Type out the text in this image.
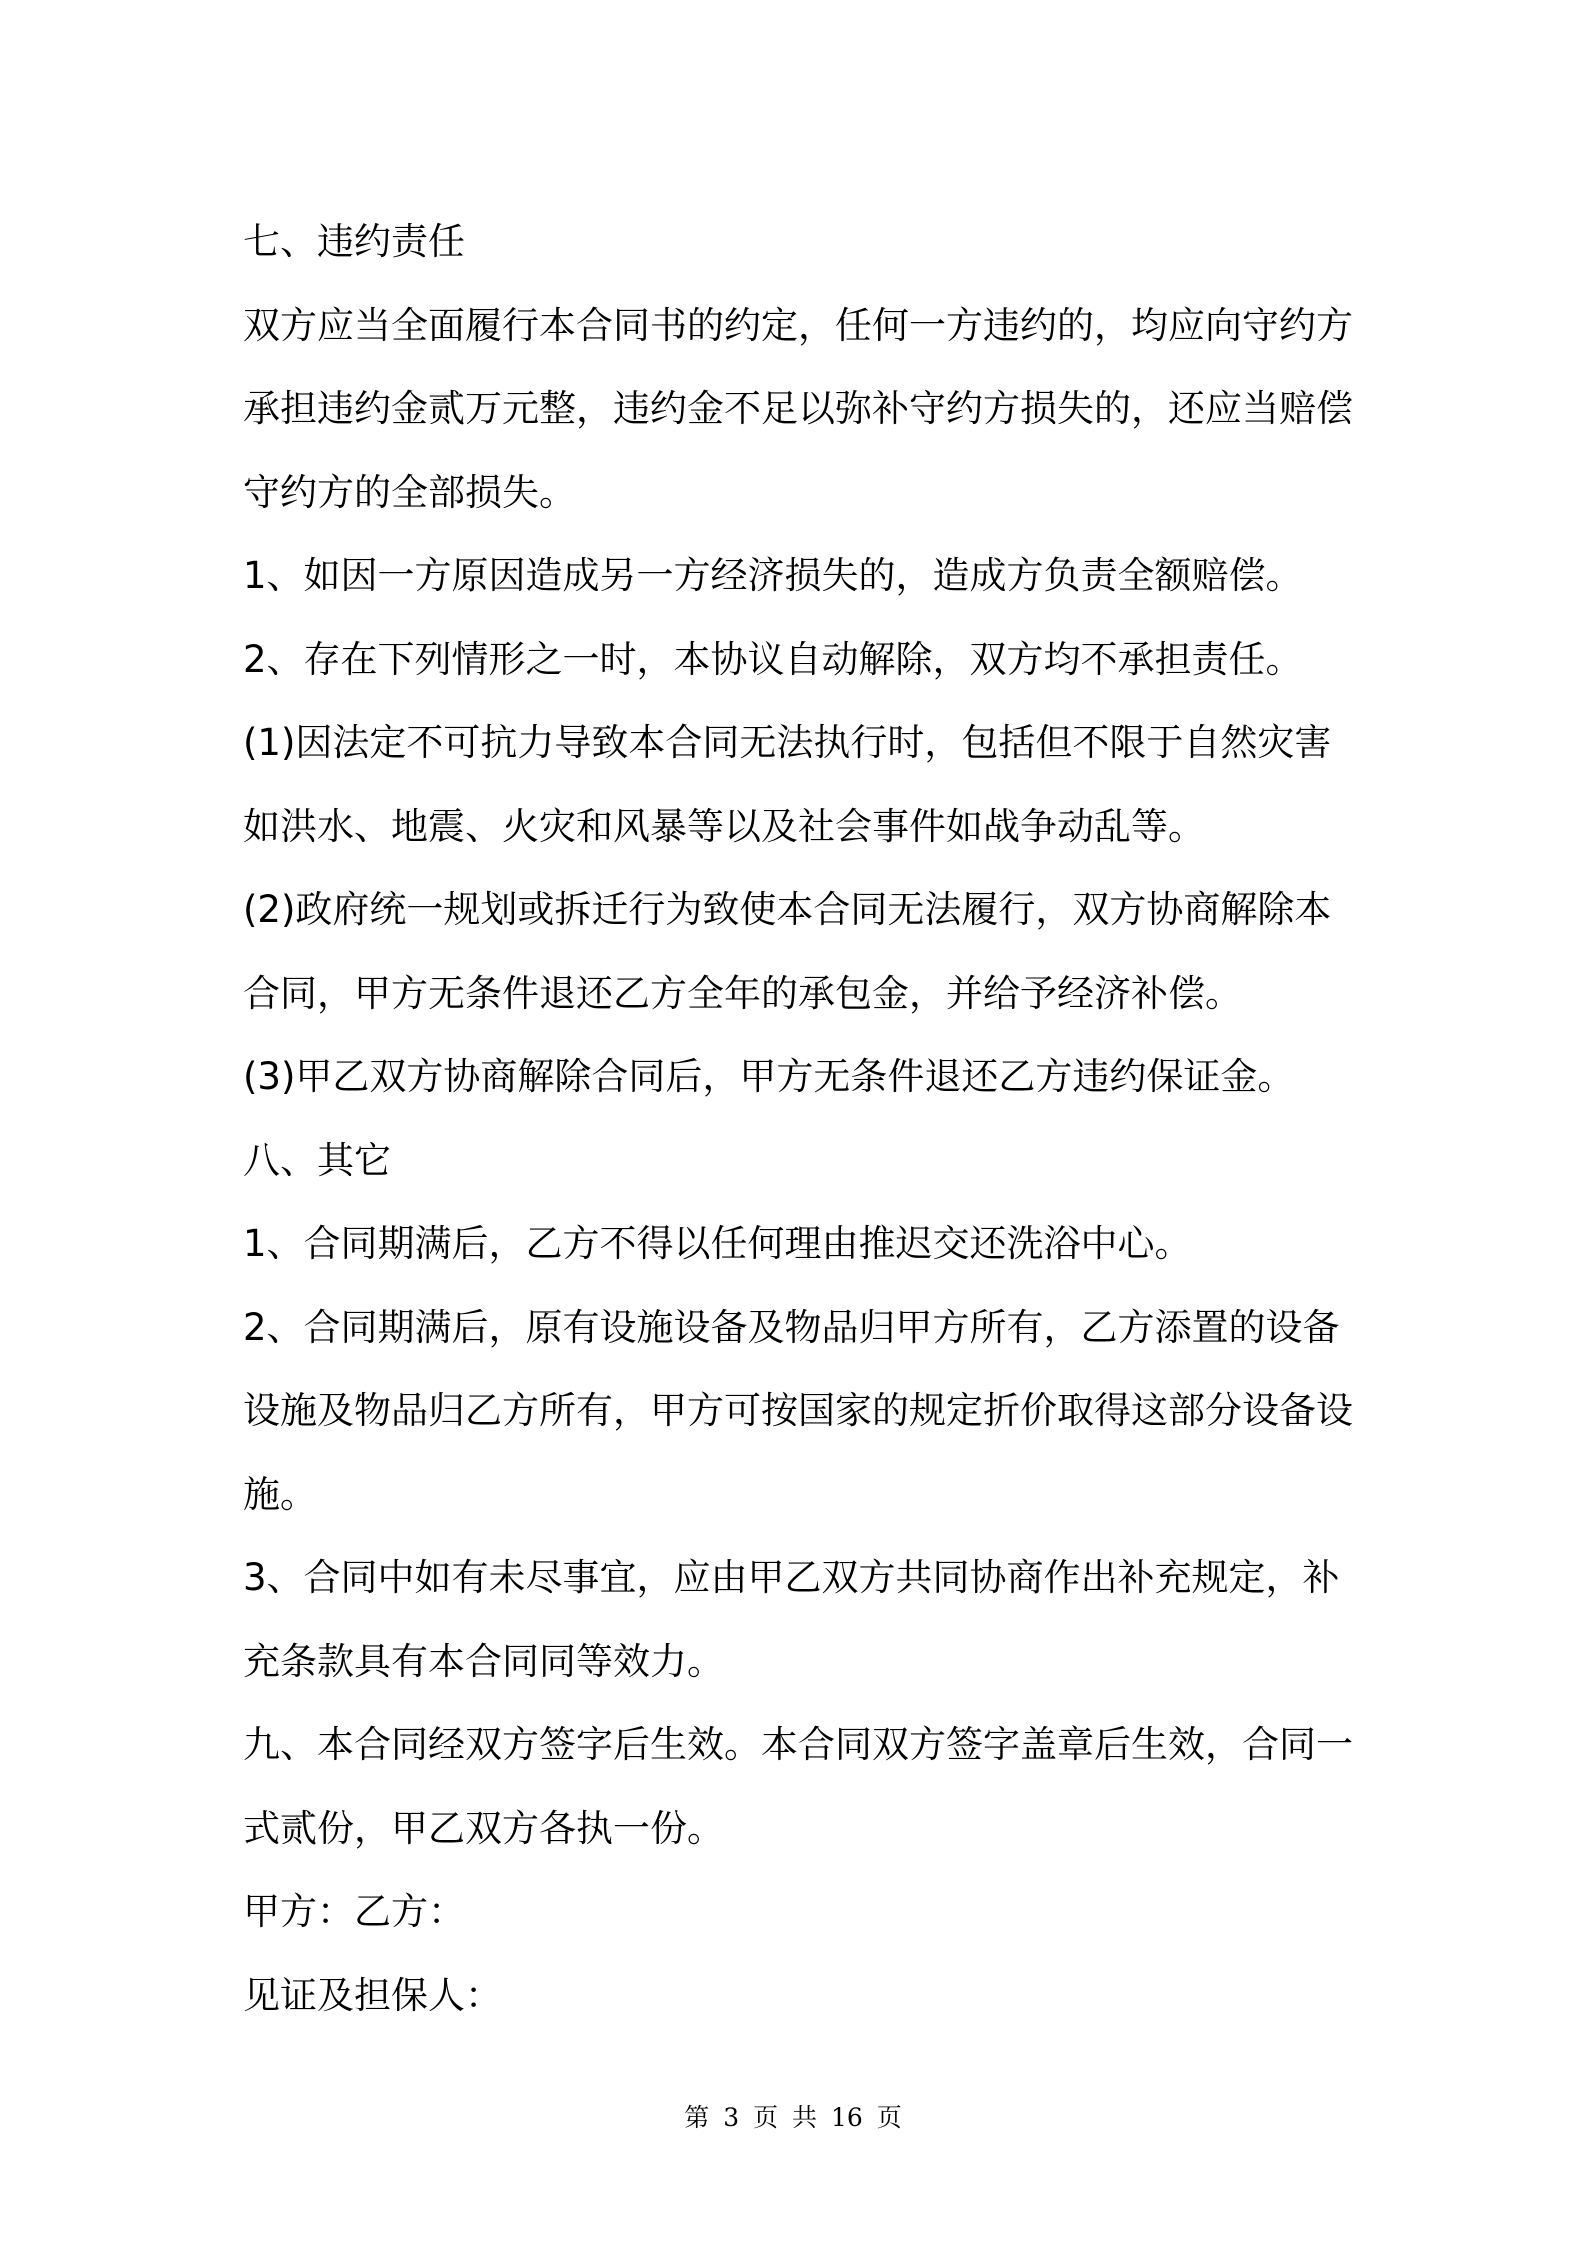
七、违约责任
双方应当全面履行本合同书的约定，任何一方违约的，均应向守约方
承担违约金贰万元整，违约金不足以弥补守约方损失的，还应当赔偿
守约方的全部损失。
1、如因一方原因造成另一方经济损失的，造成方负责全额赔偿。
2、存在下列情形之一时，本协议自动解除，双方均不承担责任。
(1)因法定不可抗力导致本合同无法执行时，包括但不限于自然灾害
如洪水、地震、火灾和风暴等以及社会事件如战争动乱等。
(2)政府统一规划或拆迁行为致使本合同无法履行，双方协商解除本
合同，甲方无条件退还乙方全年的承包金，并给予经济补偿。
(3)甲乙双方协商解除合同后，甲方无条件退还乙方违约保证金。
八、其它
1、合同期满后，乙方不得以任何理由推迟交还洗浴中心。
2、合同期满后，原有设施设备及物品归甲方所有，乙方添置的设备
设施及物品归乙方所有，甲方可按国家的规定折价取得这部分设备设
施。
3、合同中如有未尽事宜，应由甲乙双方共同协商作出补充规定，补
充条款具有本合同同等效力。
九、本合同经双方签字后生效。本合同双方签字盖章后生效，合同一
式贰份，甲乙双方各执一份。
甲方：乙方：
见证及担保人：
第 3 页 共 16 页
